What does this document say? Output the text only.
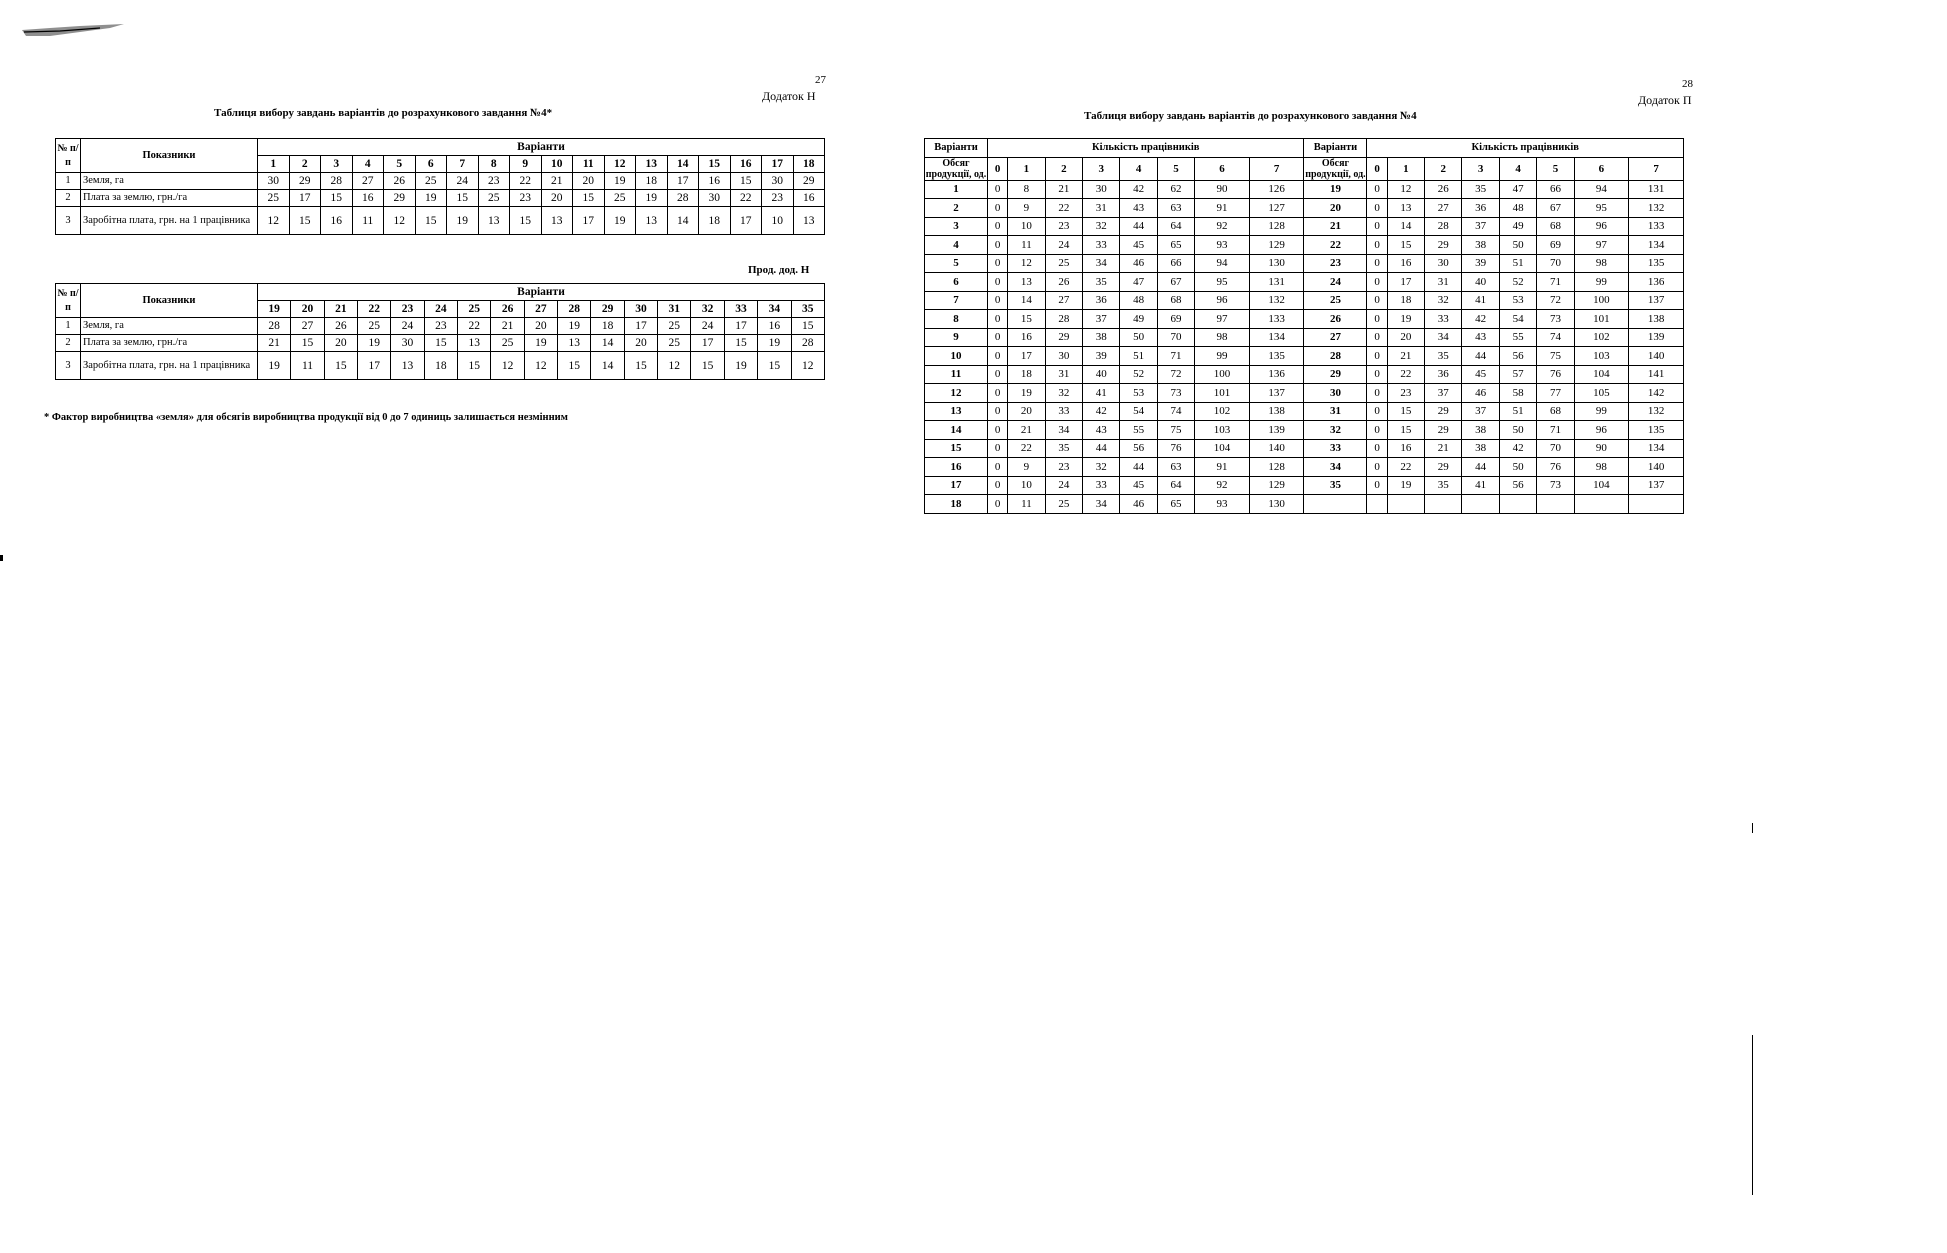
27
Додаток Н
Таблиця вибору завдань варіантів до розрахункового завдання №4*
№ п/п	Показники	Варіанти																	
		1	2	3	4	5	6	7	8	9	10	11	12	13	14	15	16	17	18
1	Земля, га	30	29	28	27	26	25	24	23	22	21	20	19	18	17	16	15	30	29
2	Плата за землю, грн./га	25	17	15	16	29	19	15	25	23	20	15	25	19	28	30	22	23	16
3	Заробітна плата, грн. на 1 працівника	12	15	16	11	12	15	19	13	15	13	17	19	13	14	18	17	10	13
Прод. дод. Н
№ п/п	Показники	Варіанти																
		19	20	21	22	23	24	25	26	27	28	29	30	31	32	33	34	35
1	Земля, га	28	27	26	25	24	23	22	21	20	19	18	17	25	24	17	16	15
2	Плата за землю, грн./га	21	15	20	19	30	15	13	25	19	13	14	20	25	17	15	19	28
3	Заробітна плата, грн. на 1 працівника	19	11	15	17	13	18	15	12	12	15	14	15	12	15	19	15	12
* Фактор виробництва «земля» для обсягів виробництва продукції від 0 до 7 одиниць залишається незмінним
28
Додаток П
Таблиця вибору завдань варіантів до розрахункового завдання №4
Варіанти	Кількість працівників								Варіанти	Кількість працівників							
Обсяг продукції, од.	0	1	2	3	4	5	6	7	Обсяг продукції, од.	0	1	2	3	4	5	6	7
1	0	8	21	30	42	62	90	126	19	0	12	26	35	47	66	94	131
2	0	9	22	31	43	63	91	127	20	0	13	27	36	48	67	95	132
3	0	10	23	32	44	64	92	128	21	0	14	28	37	49	68	96	133
4	0	11	24	33	45	65	93	129	22	0	15	29	38	50	69	97	134
5	0	12	25	34	46	66	94	130	23	0	16	30	39	51	70	98	135
6	0	13	26	35	47	67	95	131	24	0	17	31	40	52	71	99	136
7	0	14	27	36	48	68	96	132	25	0	18	32	41	53	72	100	137
8	0	15	28	37	49	69	97	133	26	0	19	33	42	54	73	101	138
9	0	16	29	38	50	70	98	134	27	0	20	34	43	55	74	102	139
10	0	17	30	39	51	71	99	135	28	0	21	35	44	56	75	103	140
11	0	18	31	40	52	72	100	136	29	0	22	36	45	57	76	104	141
12	0	19	32	41	53	73	101	137	30	0	23	37	46	58	77	105	142
13	0	20	33	42	54	74	102	138	31	0	15	29	37	51	68	99	132
14	0	21	34	43	55	75	103	139	32	0	15	29	38	50	71	96	135
15	0	22	35	44	56	76	104	140	33	0	16	21	38	42	70	90	134
16	0	9	23	32	44	63	91	128	34	0	22	29	44	50	76	98	140
17	0	10	24	33	45	64	92	129	35	0	19	35	41	56	73	104	137
18	0	11	25	34	46	65	93	130									
